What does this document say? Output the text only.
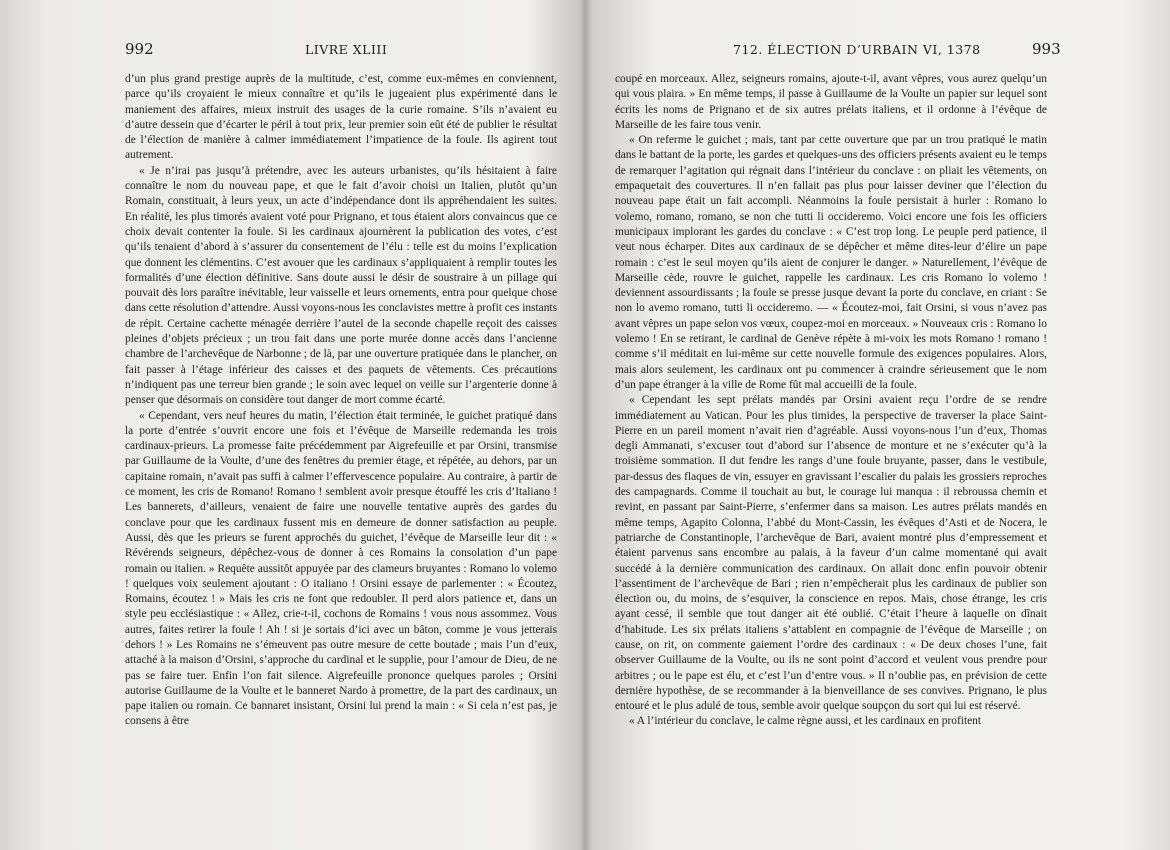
992	LIVRE XLIII

d’un plus grand prestige auprès de la multitude, c’est, comme eux-mêmes en conviennent, parce qu’ils croyaient le mieux connaître et qu’ils le jugeaient plus expérimenté dans le maniement des affaires, mieux instruit des usages de la curie romaine. S’ils n’avaient eu d’autre dessein que d’écarter le péril à tout prix, leur premier soin eût été de publier le résultat de l’élection de manière à calmer immédiatement l’impatience de la foule. Ils agirent tout autrement.

« Je n’irai pas jusqu’à prétendre, avec les auteurs urbanistes, qu’ils hésitaient à faire connaître le nom du nouveau pape, et que le fait d’avoir choisi un Italien, plutôt qu’un Romain, constituait, à leurs yeux, un acte d’indépendance dont ils appréhendaient les suites. En réalité, les plus timorés avaient voté pour Prignano, et tous étaient alors convaincus que ce choix devait contenter la foule. Si les cardinaux ajournèrent la publication des votes, c’est qu’ils tenaient d’abord à s’assurer du consentement de l’élu : telle est du moins l’explication que donnent les clémentins. C’est avouer que les cardinaux s’appliquaient à remplir toutes les formalités d’une élection définitive. Sans doute aussi le désir de soustraire à un pillage qui pouvait dès lors paraître inévitable, leur vaisselle et leurs ornements, entra pour quelque chose dans cette résolution d’attendre. Aussi voyons-nous les conclavistes mettre à profit ces instants de répit. Certaine cachette ménagée derrière l’autel de la seconde chapelle reçoit des caisses pleines d’objets précieux ; un trou fait dans une porte murée donne accès dans l’ancienne chambre de l’archevêque de Narbonne ; de là, par une ouverture pratiquée dans le plancher, on fait passer à l’étage inférieur des caisses et des paquets de vêtements. Ces précautions n’indiquent pas une terreur bien grande ; le soin avec lequel on veille sur l’argenterie donne à penser que désormais on considère tout danger de mort comme écarté.

« Cependant, vers neuf heures du matin, l’élection était terminée, le guichet pratiqué dans la porte d’entrée s’ouvrit encore une fois et l’évêque de Marseille redemanda les trois cardinaux-prieurs. La promesse faite précédemment par Aigrefeuille et par Orsini, transmise par Guillaume de la Voulte, d’une des fenêtres du premier étage, et répétée, au dehors, par un capitaine romain, n’avait pas suffi à calmer l’effervescence populaire. Au contraire, à partir de ce moment, les cris de Romano! Romano ! semblent avoir presque étouffé les cris d’Italiano ! Les bannerets, d’ailleurs, venaient de faire une nouvelle tentative auprès des gardes du conclave pour que les cardinaux fussent mis en demeure de donner satisfaction au peuple. Aussi, dès que les prieurs se furent approchés du guichet, l’évêque de Marseille leur dit : « Révérends seigneurs, dépêchez-vous de donner à ces Romains la consolation d’un pape romain ou italien. » Requête aussitôt appuyée par des clameurs bruyantes : Romano lo volemo ! quelques voix seulement ajoutant : O italiano ! Orsini essaye de parlementer : « Écoutez, Romains, écoutez ! » Mais les cris ne font que redoubler. Il perd alors patience et, dans un style peu ecclésiastique : « Allez, crie-t-il, cochons de Romains ! vous nous assommez. Vous autres, faites retirer la foule ! Ah ! si je sortais d’ici avec un bâton, comme je vous jetterais dehors ! » Les Romains ne s’émeuvent pas outre mesure de cette boutade ; mais l’un d’eux, attaché à la maison d’Orsini, s’approche du cardinal et le supplie, pour l’amour de Dieu, de ne pas se faire tuer. Enfin l’on fait silence. Aigrefeuille prononce quelques paroles ; Orsini autorise Guillaume de la Voulte et le banneret Nardo à promettre, de la part des cardinaux, un pape italien ou romain. Ce bannaret insistant, Orsini lui prend la main : « Si cela n’est pas, je consens à être

712. ÉLECTION D’URBAIN VI, 1378	993

coupé en morceaux. Allez, seigneurs romains, ajoute-t-il, avant vêpres, vous aurez quelqu’un qui vous plaira. » En même temps, il passe à Guillaume de la Voulte un papier sur lequel sont écrits les noms de Prignano et de six autres prélats italiens, et il ordonne à l’évêque de Marseille de les faire tous venir.

« On referme le guichet ; mais, tant par cette ouverture que par un trou pratiqué le matin dans le battant de la porte, les gardes et quelques-uns des officiers présents avaient eu le temps de remarquer l’agitation qui régnait dans l’intérieur du conclave : on pliait les vêtements, on empaquetait des couvertures. Il n’en fallait pas plus pour laisser deviner que l’élection du nouveau pape était un fait accompli. Néanmoins la foule persistait à hurler : Romano lo volemo, romano, romano, se non che tutti li occideremo. Voici encore une fois les officiers municipaux implorant les gardes du conclave : « C’est trop long. Le peuple perd patience, il veut nous écharper. Dites aux cardinaux de se dépêcher et même dites-leur d’élire un pape romain : c’est le seul moyen qu’ils aient de conjurer le danger. » Naturellement, l’évêque de Marseille cède, rouvre le guichet, rappelle les cardinaux. Les cris Romano lo volemo ! deviennent assourdissants ; la foule se presse jusque devant la porte du conclave, en criant : Se non lo avemo romano, tutti li occideremo. — « Écoutez-moi, fait Orsini, si vous n’avez pas avant vêpres un pape selon vos vœux, coupez-moi en morceaux. » Nouveaux cris : Romano lo volemo ! En se retirant, le cardinal de Genève répète à mi-voix les mots Romano ! romano ! comme s’il méditait en lui-même sur cette nouvelle formule des exigences populaires. Alors, mais alors seulement, les cardinaux ont pu commencer à craindre sérieusement que le nom d’un pape étranger à la ville de Rome fût mal accueilli de la foule.

« Cependant les sept prélats mandés par Orsini avaient reçu l’ordre de se rendre immédiatement au Vatican. Pour les plus timides, la perspective de traverser la place Saint-Pierre en un pareil moment n’avait rien d’agréable. Aussi voyons-nous l’un d’eux, Thomas degli Ammanati, s’excuser tout d’abord sur l’absence de monture et ne s’exécuter qu’à la troisième sommation. Il dut fendre les rangs d’une foule bruyante, passer, dans le vestibule, par-dessus des flaques de vin, essuyer en gravissant l’escalier du palais les grossiers reproches des campagnards. Comme il touchait au but, le courage lui manqua : il rebroussa chemin et revint, en passant par Saint-Pierre, s’enfermer dans sa maison. Les autres prélats mandés en même temps, Agapito Colonna, l’abbé du Mont-Cassin, les évêques d’Asti et de Nocera, le patriarche de Constantinople, l’archevêque de Bari, avaient montré plus d’empressement et étaient parvenus sans encombre au palais, à la faveur d’un calme momentané qui avait succédé à la dernière communication des cardinaux. On allait donc enfin pouvoir obtenir l’assentiment de l’archevêque de Bari ; rien n’empêcherait plus les cardinaux de publier son élection ou, du moins, de s’esquiver, la conscience en repos. Mais, chose étrange, les cris ayant cessé, il semble que tout danger ait été oublié. C’était l’heure à laquelle on dînait d’habitude. Les six prélats italiens s’attablent en compagnie de l’évêque de Marseille ; on cause, on rit, on commente gaiement l’ordre des cardinaux : « De deux choses l’une, fait observer Guillaume de la Voulte, ou ils ne sont point d’accord et veulent vous prendre pour arbitres ; ou le pape est élu, et c’est l’un d’entre vous. » Il n’oublie pas, en prévision de cette dernière hypothèse, de se recommander à la bienveillance de ses convives. Prignano, le plus entouré et le plus adulé de tous, semble avoir quelque soupçon du sort qui lui est réservé.

« A l’intérieur du conclave, le calme règne aussi, et les cardinaux en profitent
